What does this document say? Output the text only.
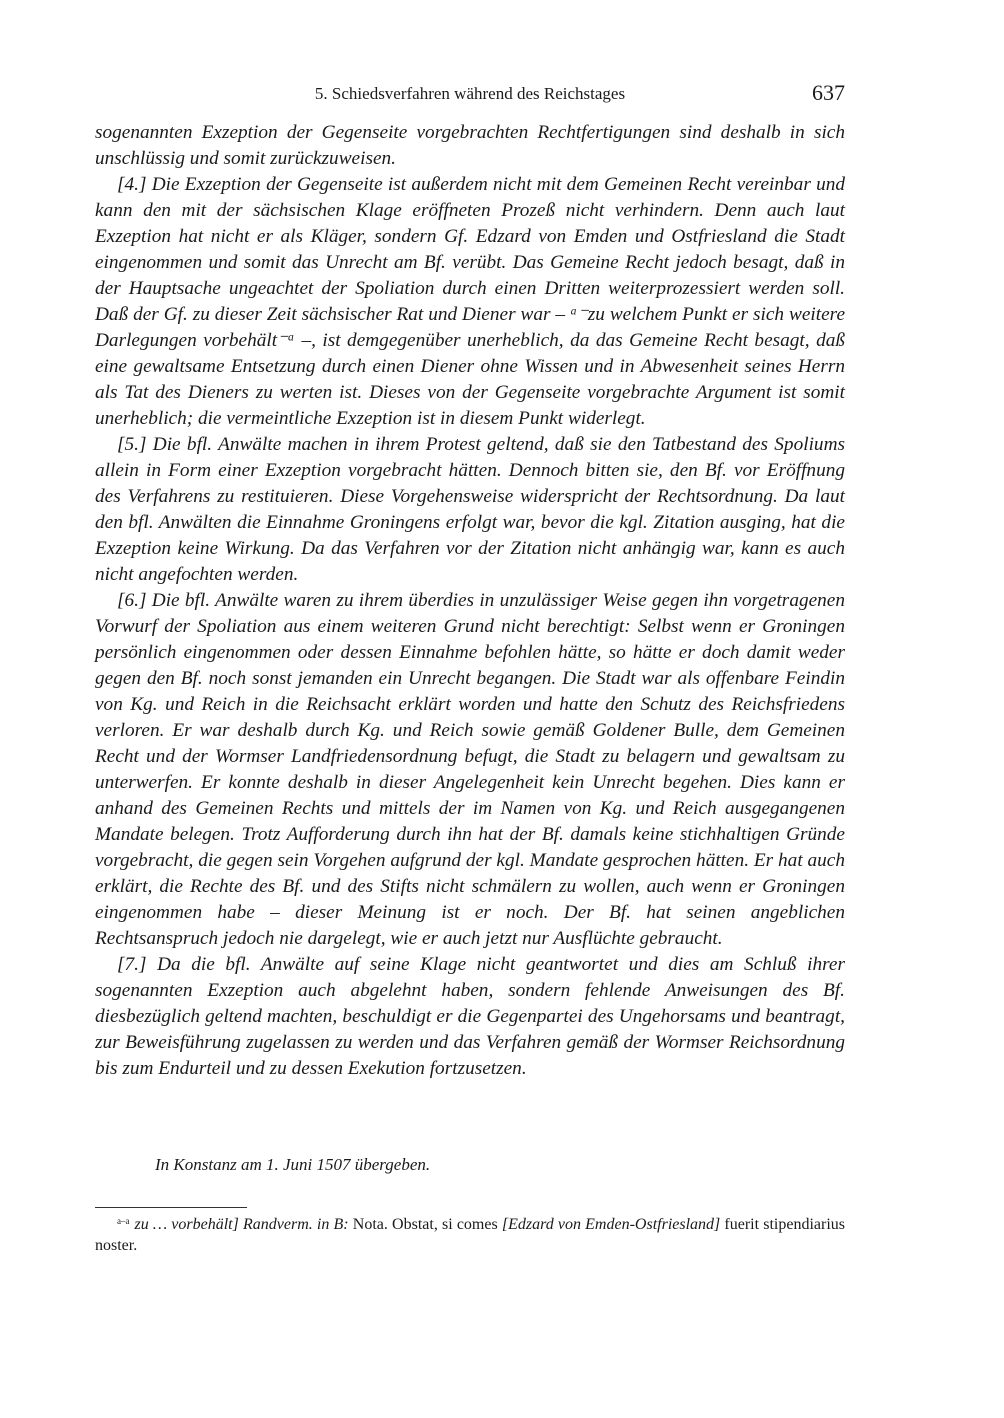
5. Schiedsverfahren während des Reichstages	637

sogenannten Exzeption der Gegenseite vorgebrachten Rechtfertigungen sind deshalb in sich unschlüssig und somit zurückzuweisen.

[4.] Die Exzeption der Gegenseite ist außerdem nicht mit dem Gemeinen Recht vereinbar und kann den mit der sächsischen Klage eröffneten Prozeß nicht verhindern. Denn auch laut Exzeption hat nicht er als Kläger, sondern Gf. Edzard von Emden und Ostfriesland die Stadt eingenommen und somit das Unrecht am Bf. verübt. Das Gemeine Recht jedoch besagt, daß in der Hauptsache ungeachtet der Spoliation durch einen Dritten weiterprozessiert werden soll. Daß der Gf. zu dieser Zeit sächsischer Rat und Diener war – ᵃ⁻zu welchem Punkt er sich weitere Darlegungen vorbehält⁻ᵃ –, ist demgegenüber unerheblich, da das Gemeine Recht besagt, daß eine gewaltsame Entsetzung durch einen Diener ohne Wissen und in Abwesenheit seines Herrn als Tat des Dieners zu werten ist. Dieses von der Gegenseite vorgebrachte Argument ist somit unerheblich; die vermeintliche Exzeption ist in diesem Punkt widerlegt.

[5.] Die bfl. Anwälte machen in ihrem Protest geltend, daß sie den Tatbestand des Spoliums allein in Form einer Exzeption vorgebracht hätten. Dennoch bitten sie, den Bf. vor Eröffnung des Verfahrens zu restituieren. Diese Vorgehensweise widerspricht der Rechtsordnung. Da laut den bfl. Anwälten die Einnahme Groningens erfolgt war, bevor die kgl. Zitation ausging, hat die Exzeption keine Wirkung. Da das Verfahren vor der Zitation nicht anhängig war, kann es auch nicht angefochten werden.

[6.] Die bfl. Anwälte waren zu ihrem überdies in unzulässiger Weise gegen ihn vorgetragenen Vorwurf der Spoliation aus einem weiteren Grund nicht berechtigt: Selbst wenn er Groningen persönlich eingenommen oder dessen Einnahme befohlen hätte, so hätte er doch damit weder gegen den Bf. noch sonst jemanden ein Unrecht begangen. Die Stadt war als offenbare Feindin von Kg. und Reich in die Reichsacht erklärt worden und hatte den Schutz des Reichsfriedens verloren. Er war deshalb durch Kg. und Reich sowie gemäß Goldener Bulle, dem Gemeinen Recht und der Wormser Landfriedensordnung befugt, die Stadt zu belagern und gewaltsam zu unterwerfen. Er konnte deshalb in dieser Angelegenheit kein Unrecht begehen. Dies kann er anhand des Gemeinen Rechts und mittels der im Namen von Kg. und Reich ausgegangenen Mandate belegen. Trotz Aufforderung durch ihn hat der Bf. damals keine stichhaltigen Gründe vorgebracht, die gegen sein Vorgehen aufgrund der kgl. Mandate gesprochen hätten. Er hat auch erklärt, die Rechte des Bf. und des Stifts nicht schmälern zu wollen, auch wenn er Groningen eingenommen habe – dieser Meinung ist er noch. Der Bf. hat seinen angeblichen Rechtsanspruch jedoch nie dargelegt, wie er auch jetzt nur Ausflüchte gebraucht.

[7.] Da die bfl. Anwälte auf seine Klage nicht geantwortet und dies am Schluß ihrer sogenannten Exzeption auch abgelehnt haben, sondern fehlende Anweisungen des Bf. diesbezüglich geltend machten, beschuldigt er die Gegenpartei des Ungehorsams und beantragt, zur Beweisführung zugelassen zu werden und das Verfahren gemäß der Wormser Reichsordnung bis zum Endurteil und zu dessen Exekution fortzusetzen.

In Konstanz am 1. Juni 1507 übergeben.
$^{a-a}$ zu … vorbehält] Randverm. in B: Nota. Obstat, si comes [Edzard von Emden-Ostfriesland] fuerit stipendiarius noster.
